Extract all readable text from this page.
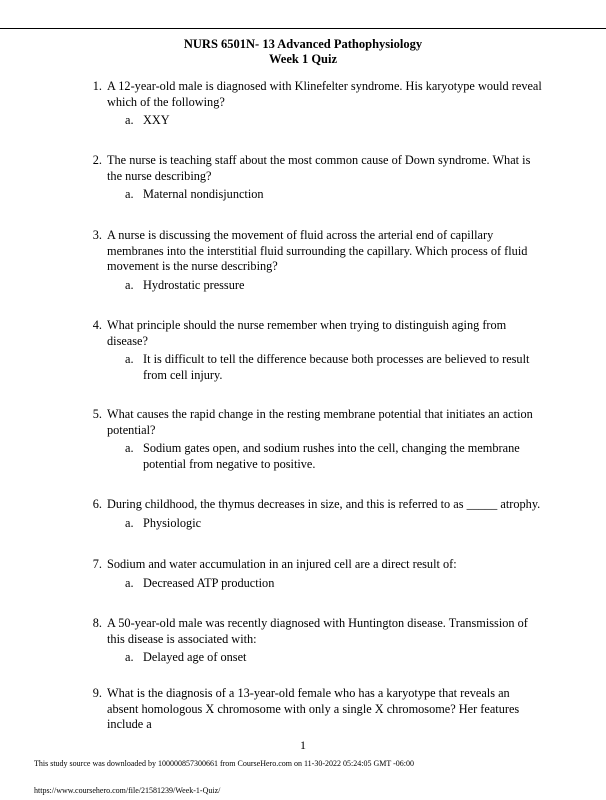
NURS 6501N- 13 Advanced Pathophysiology
Week 1 Quiz
1. A 12-year-old male is diagnosed with Klinefelter syndrome. His karyotype would reveal which of the following?
a. XXY
2. The nurse is teaching staff about the most common cause of Down syndrome. What is the nurse describing?
a. Maternal nondisjunction
3. A nurse is discussing the movement of fluid across the arterial end of capillary membranes into the interstitial fluid surrounding the capillary. Which process of fluid movement is the nurse describing?
a. Hydrostatic pressure
4. What principle should the nurse remember when trying to distinguish aging from disease?
a. It is difficult to tell the difference because both processes are believed to result from cell injury.
5. What causes the rapid change in the resting membrane potential that initiates an action potential?
a. Sodium gates open, and sodium rushes into the cell, changing the membrane potential from negative to positive.
6. During childhood, the thymus decreases in size, and this is referred to as _____ atrophy.
a. Physiologic
7. Sodium and water accumulation in an injured cell are a direct result of:
a. Decreased ATP production
8. A 50-year-old male was recently diagnosed with Huntington disease. Transmission of this disease is associated with:
a. Delayed age of onset
9. What is the diagnosis of a 13-year-old female who has a karyotype that reveals an absent homologous X chromosome with only a single X chromosome? Her features include a
1
This study source was downloaded by 100000857300661 from CourseHero.com on 11-30-2022 05:24:05 GMT -06:00
https://www.coursehero.com/file/21581239/Week-1-Quiz/
